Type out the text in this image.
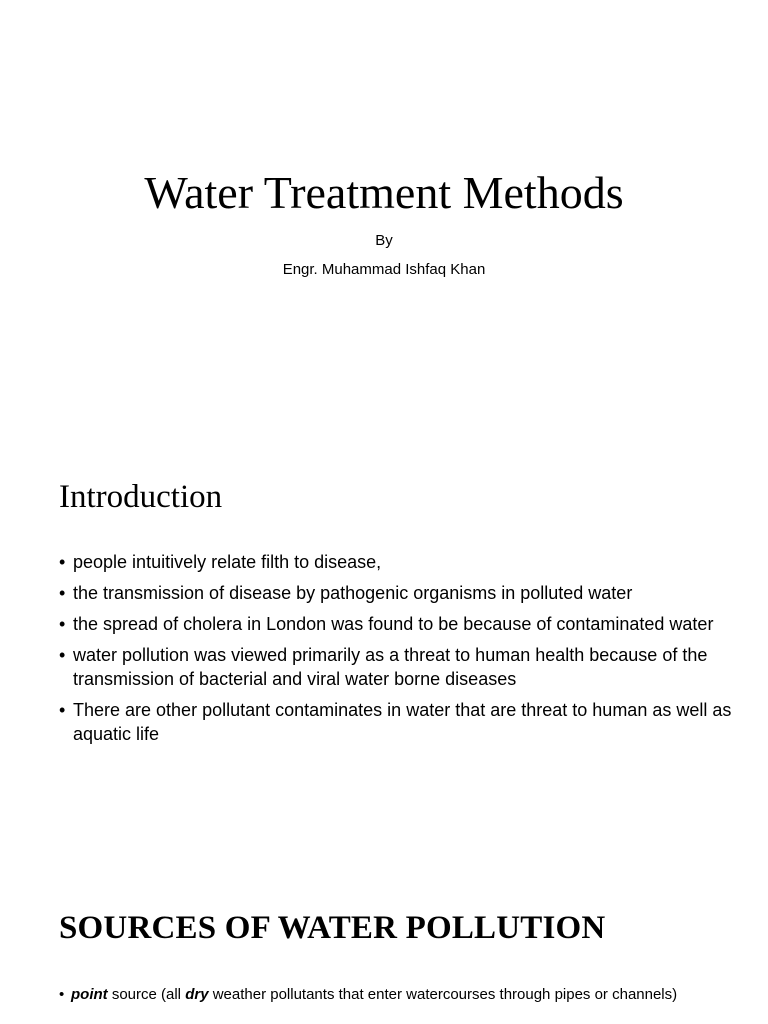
Water Treatment Methods
By
Engr. Muhammad Ishfaq Khan
Introduction
• people intuitively relate filth to disease,
• the transmission of disease by pathogenic organisms in polluted water
• the spread of cholera in London was found to be because of contaminated water
• water pollution was viewed primarily as a threat to human health because of the transmission of bacterial and viral water borne diseases
• There are other pollutant contaminates in water that are threat to human as well as aquatic life
SOURCES OF WATER POLLUTION
• point source (all dry weather pollutants that enter watercourses through pipes or channels)
